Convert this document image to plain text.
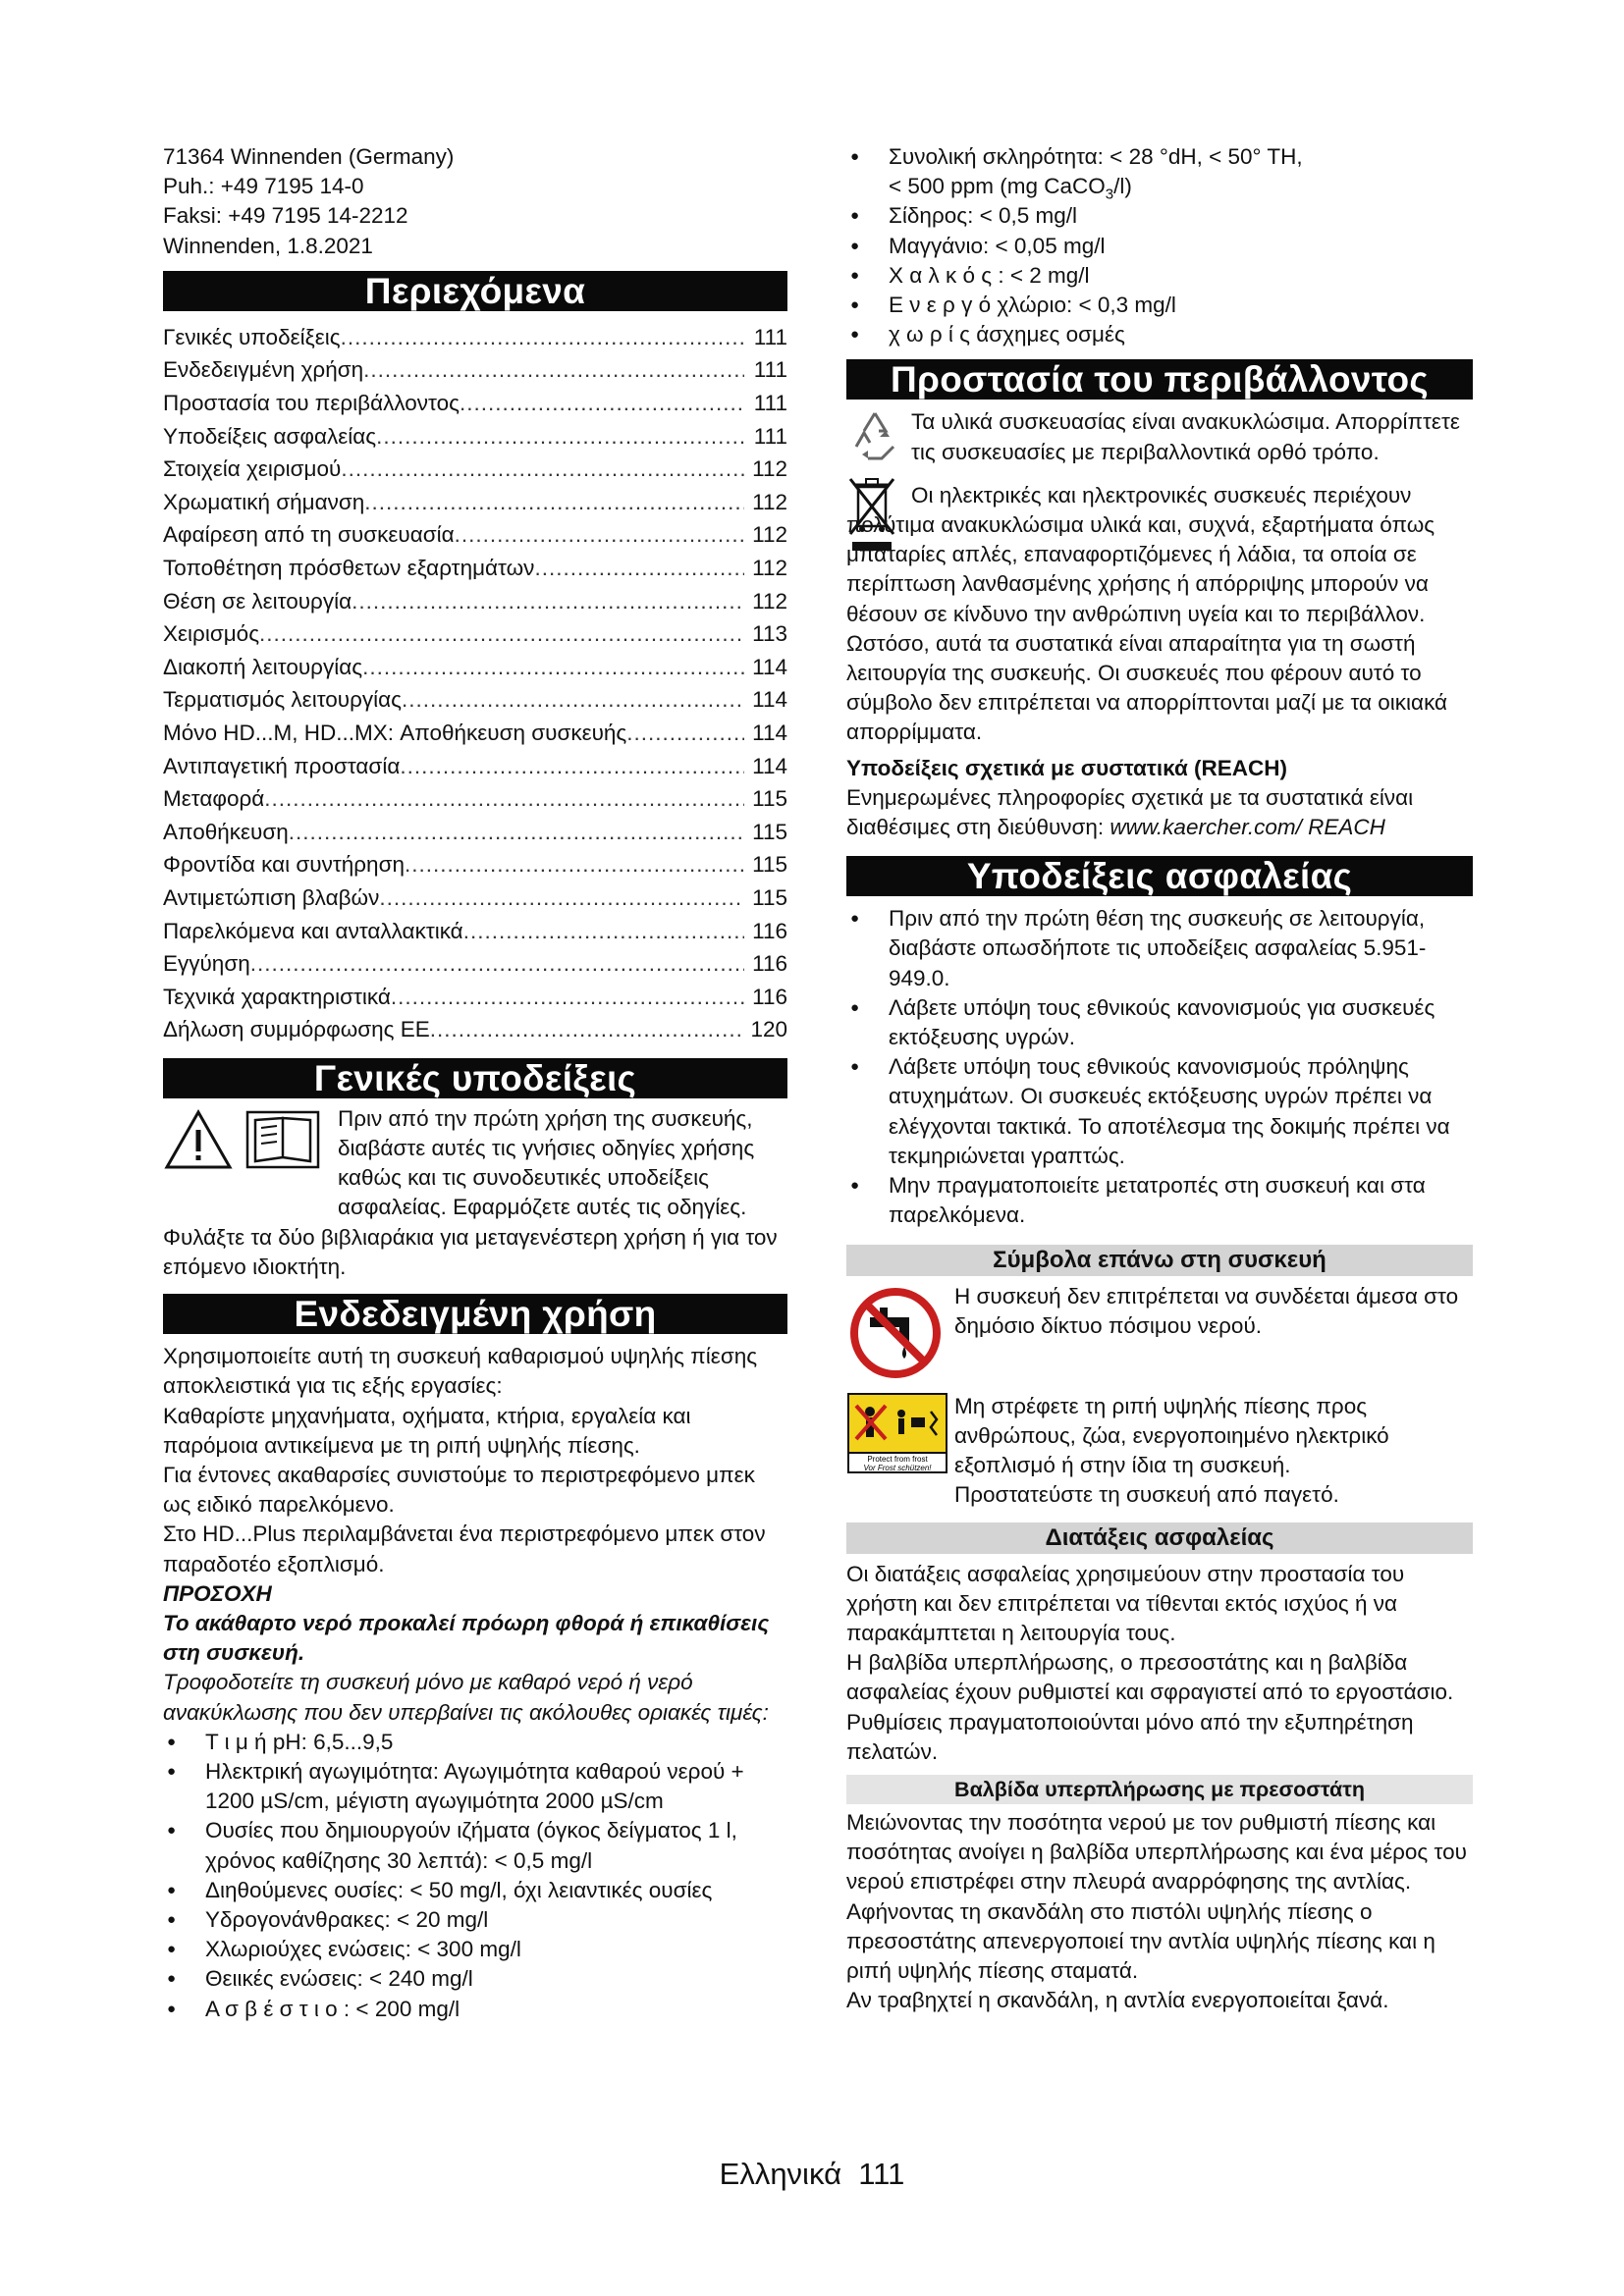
71364 Winnenden (Germany)

Puh.: +49 7195 14-0

Faksi: +49 7195 14-2212

Winnenden, 1.8.2021

Περιεχόμενα
Γενικές υποδείξεις .....	111
Ενδεδειγμένη χρήση .....	111
Προστασία του περιβάλλοντος .....	111
Υποδείξεις ασφαλείας .....	111
Στοιχεία χειρισμού .....	112
Χρωματική σήμανση .....	112
Αφαίρεση από τη συσκευασία .....	112
Τοποθέτηση πρόσθετων εξαρτημάτων .....	112
Θέση σε λειτουργία .....	112
Χειρισμός .....	113
Διακοπή λειτουργίας .....	114
Τερματισμός λειτουργίας .....	114
Μόνο HD...M, HD...MX: Αποθήκευση συσκευής .....	114
Αντιπαγετική προστασία .....	114
Μεταφορά .....	115
Αποθήκευση .....	115
Φροντίδα και συντήρηση .....	115
Αντιμετώπιση βλαβών .....	115
Παρελκόμενα και ανταλλακτικά .....	116
Εγγύηση .....	116
Τεχνικά χαρακτηριστικά .....	116
Δήλωση συμμόρφωσης ΕΕ .....	120
Γενικές υποδείξεις
Πριν από την πρώτη χρήση της συσκευής, διαβάστε αυτές τις γνήσιες οδηγίες χρήσης καθώς και τις συνοδευτικές υποδείξεις ασφαλείας. Εφαρμόζετε αυτές τις οδηγίες.

Φυλάξτε τα δύο βιβλιαράκια για μεταγενέστερη χρήση ή για τον επόμενο ιδιοκτήτη.

Ενδεδειγμένη χρήση

Χρησιμοποιείτε αυτή τη συσκευή καθαρισμού υψηλής πίεσης αποκλειστικά για τις εξής εργασίες:

Καθαρίστε μηχανήματα, οχήματα, κτήρια, εργαλεία και παρόμοια αντικείμενα με τη ριπή υψηλής πίεσης.

Για έντονες ακαθαρσίες συνιστούμε το περιστρεφόμενο μπεκ ως ειδικό παρελκόμενο.

Στο HD...Plus περιλαμβάνεται ένα περιστρεφόμενο μπεκ στον παραδοτέο εξοπλισμό.

ΠΡΟΣΟΧΗ

Το ακάθαρτο νερό προκαλεί πρόωρη φθορά ή επικαθίσεις στη συσκευή.

Τροφοδοτείτε τη συσκευή μόνο με καθαρό νερό ή νερό ανακύκλωσης που δεν υπερβαίνει τις ακόλουθες οριακές τιμές:

● Τ ι μ ή pH: 6,5...9,5
● Ηλεκτρική αγωγιμότητα: Αγωγιμότητα καθαρού νερού + 1200 µS/cm, μέγιστη αγωγιμότητα 2000 µS/cm
● Ουσίες που δημιουργούν ιζήματα (όγκος δείγματος 1 l, χρόνος καθίζησης 30 λεπτά): < 0,5 mg/l
● Διηθούμενες ουσίες: < 50 mg/l, όχι λειαντικές ουσίες
● Υδρογονάνθρακες: < 20 mg/l
● Χλωριούχες ενώσεις: < 300 mg/l
● Θειικές ενώσεις: < 240 mg/l
● Α σ β έ σ τ ι ο : < 200 mg/l
● Συνολική σκληρότητα: < 28 °dH, < 50° TH,
< 500 ppm (mg CaCO$_3$/l)
● Σίδηρος: < 0,5 mg/l
● Μαγγάνιο: < 0,05 mg/l
● Χ α λ κ ό ς : < 2 mg/l
● Ε ν ε ρ γ ό χλώριο: < 0,3 mg/l
● χ ω ρ ί ς άσχημες οσμές
Προστασία του περιβάλλοντος
Τα υλικά συσκευασίας είναι ανακυκλώσιμα. Απορρίπτετε τις συσκευασίες με περιβαλλοντικά ορθό τρόπο.

Οι ηλεκτρικές και ηλεκτρονικές συσκευές περιέχουν πολύτιμα ανακυκλώσιμα υλικά και, συχνά, εξαρτήματα όπως μπαταρίες απλές, επαναφορτιζόμενες ή λάδια, τα οποία σε περίπτωση λανθασμένης χρήσης ή απόρριψης μπορούν να θέσουν σε κίνδυνο την ανθρώπινη υγεία και το περιβάλλον. Ωστόσο, αυτά τα συστατικά είναι απαραίτητα για τη σωστή λειτουργία της συσκευής. Οι συσκευές που φέρουν αυτό το σύμβολο δεν επιτρέπεται να απορρίπτονται μαζί με τα οικιακά απορρίμματα.

Υποδείξεις σχετικά με συστατικά (REACH)

Ενημερωμένες πληροφορίες σχετικά με τα συστατικά είναι διαθέσιμες στη διεύθυνση: www.kaercher.com/ REACH

Υποδείξεις ασφαλείας
● Πριν από την πρώτη θέση της συσκευής σε λειτουργία, διαβάστε οπωσδήποτε τις υποδείξεις ασφαλείας 5.951-949.0.
● Λάβετε υπόψη τους εθνικούς κανονισμούς για συσκευές εκτόξευσης υγρών.
● Λάβετε υπόψη τους εθνικούς κανονισμούς πρόληψης ατυχημάτων. Οι συσκευές εκτόξευσης υγρών πρέπει να ελέγχονται τακτικά. Το αποτέλεσμα της δοκιμής πρέπει να τεκμηριώνεται γραπτώς.
● Μην πραγματοποιείτε μετατροπές στη συσκευή και στα παρελκόμενα.
Σύμβολα επάνω στη συσκευή
Η συσκευή δεν επιτρέπεται να συνδέεται άμεσα στο δημόσιο δίκτυο πόσιμου νερού.
Protect from frost
Vor Frost schützen!

Μη στρέφετε τη ριπή υψηλής πίεσης προς ανθρώπους, ζώα, ενεργοποιημένο ηλεκτρικό εξοπλισμό ή στην ίδια τη συσκευή.

Προστατεύστε τη συσκευή από παγετό.

Διατάξεις ασφαλείας

Οι διατάξεις ασφαλείας χρησιμεύουν στην προστασία του χρήστη και δεν επιτρέπεται να τίθενται εκτός ισχύος ή να παρακάμπτεται η λειτουργία τους.

Η βαλβίδα υπερπλήρωσης, ο πρεσοστάτης και η βαλβίδα ασφαλείας έχουν ρυθμιστεί και σφραγιστεί από το εργοστάσιο. Ρυθμίσεις πραγματοποιούνται μόνο από την εξυπηρέτηση πελατών.

Βαλβίδα υπερπλήρωσης με πρεσοστάτη

Μειώνοντας την ποσότητα νερού με τον ρυθμιστή πίεσης και ποσότητας ανοίγει η βαλβίδα υπερπλήρωσης και ένα μέρος του νερού επιστρέφει στην πλευρά αναρρόφησης της αντλίας.

Αφήνοντας τη σκανδάλη στο πιστόλι υψηλής πίεσης ο πρεσοστάτης απενεργοποιεί την αντλία υψηλής πίεσης και η ριπή υψηλής πίεσης σταματά.

Αν τραβηχτεί η σκανδάλη, η αντλία ενεργοποιείται ξανά.

Ελληνικά  111
